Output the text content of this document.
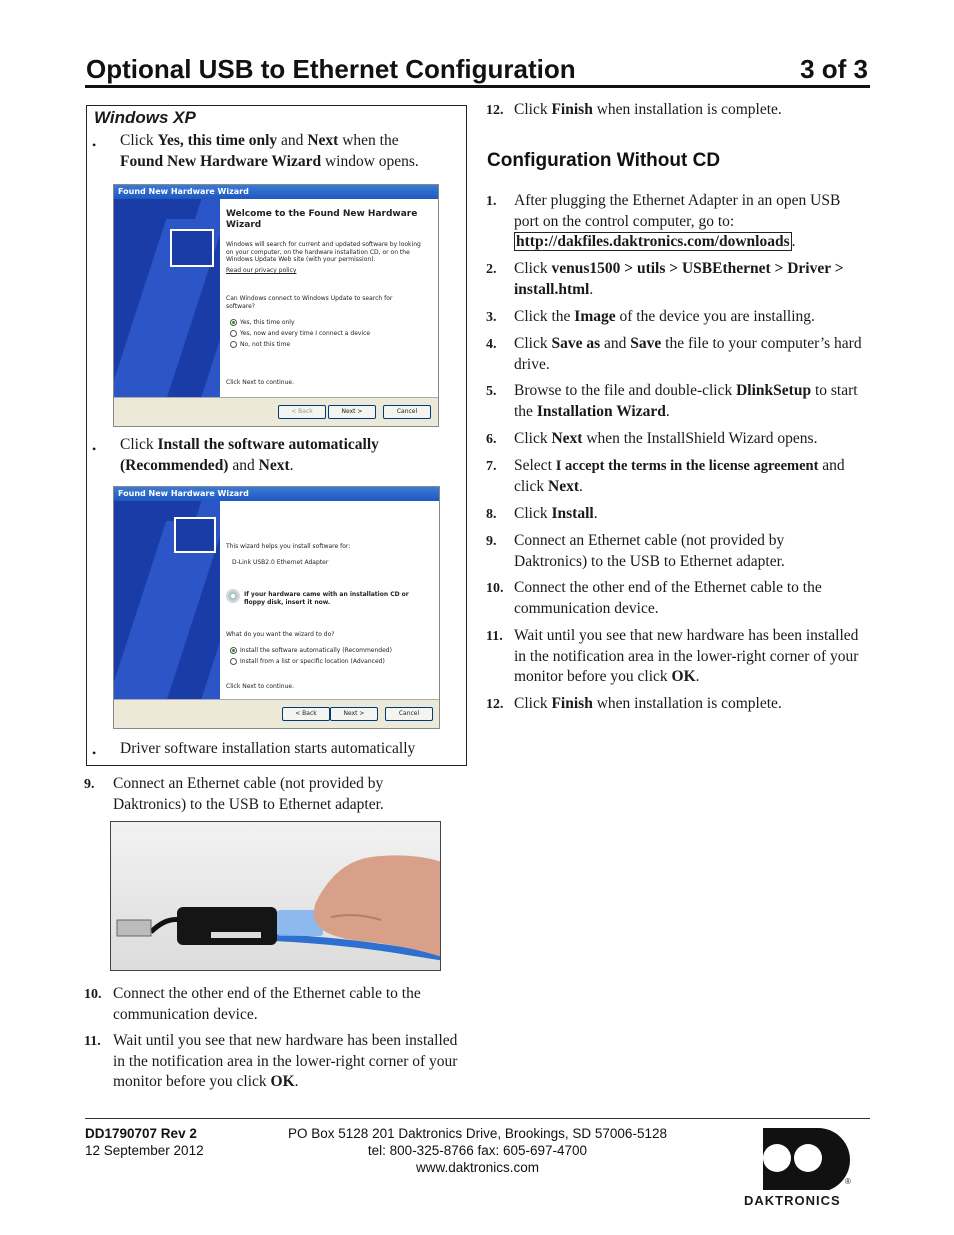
Optional USB to Ethernet Configuration	3 of 3
Windows XP
• Click Yes, this time only and Next when the
Found New Hardware Wizard window opens.
Found New Hardware Wizard
Welcome to the Found New Hardware Wizard
Windows will search for current and updated software by looking on your computer, on the hardware installation CD, or on the Windows Update Web site (with your permission).
Read our privacy policy
Can Windows connect to Windows Update to search for software?
Yes, this time only
Yes, now and every time I connect a device
No, not this time
Click Next to continue.
< Back	Next >	Cancel
• Click Install the software automatically (Recommended) and Next.
Found New Hardware Wizard
This wizard helps you install software for:
D-Link USB2.0 Ethernet Adapter
If your hardware came with an installation CD or floppy disk, insert it now.
What do you want the wizard to do?
Install the software automatically (Recommended)
Install from a list or specific location (Advanced)
Click Next to continue.
< Back	Next >	Cancel
• Driver software installation starts automatically
9. Connect an Ethernet cable (not provided by Daktronics) to the USB to Ethernet adapter.
10. Connect the other end of the Ethernet cable to the communication device.
11. Wait until you see that new hardware has been installed in the notification area in the lower-right corner of your monitor before you click OK.
12. Click Finish when installation is complete.
Configuration Without CD
1. After plugging the Ethernet Adapter in an open USB port on the control computer, go to: http://dakfiles.daktronics.com/downloads .
2. Click venus1500 > utils > USBEthernet > Driver > install.html.
3. Click the Image of the device you are installing.
4. Click Save as and Save the file to your computer’s hard drive.
5. Browse to the file and double-click DlinkSetup to start the Installation Wizard.
6. Click Next when the InstallShield Wizard opens.
7. Select I accept the terms in the license agreement and click Next.
8. Click Install.
9. Connect an Ethernet cable (not provided by Daktronics) to the USB to Ethernet adapter.
10. Connect the other end of the Ethernet cable to the communication device.
11. Wait until you see that new hardware has been installed in the notification area in the lower-right corner of your monitor before you click OK.
12. Click Finish when installation is complete.
DD1790707 Rev 2
12 September 2012
PO Box 5128 201 Daktronics Drive, Brookings, SD 57006-5128
tel: 800-325-8766 fax: 605-697-4700
www.daktronics.com
®
DAKTRONICS
